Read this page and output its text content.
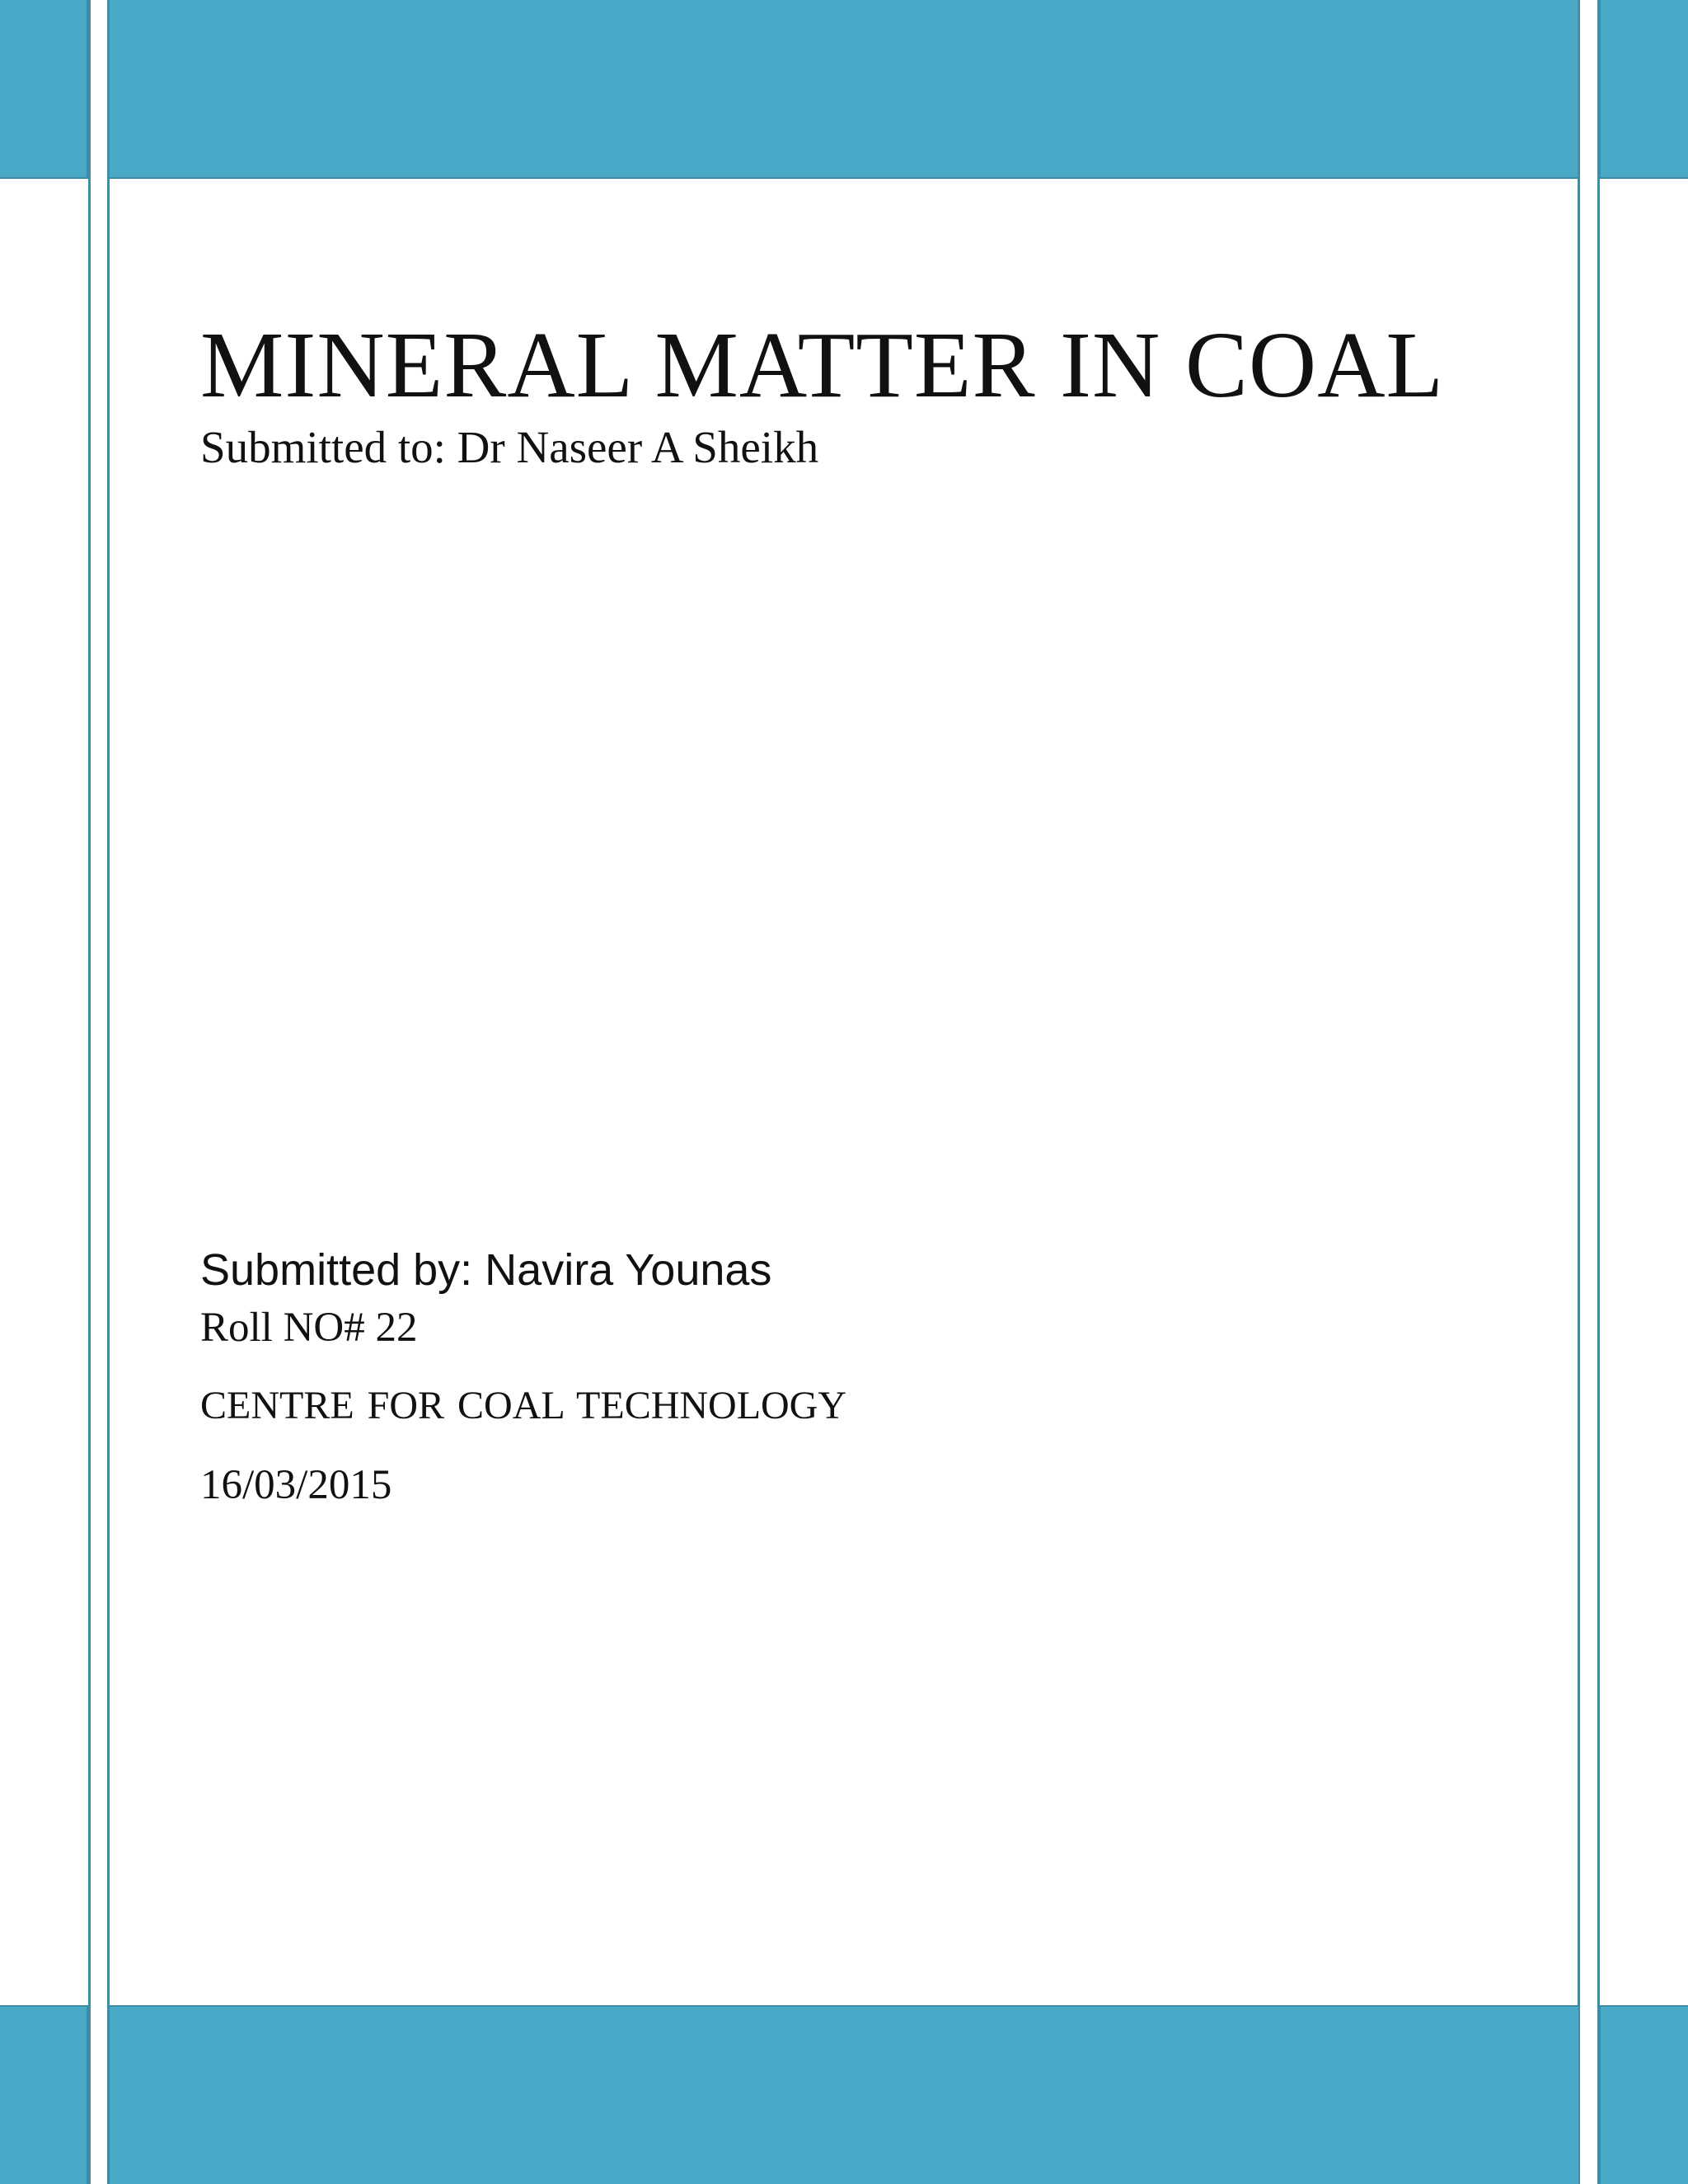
MINERAL MATTER IN COAL

Submitted to: Dr Naseer A Sheikh

Submitted by: Navira Younas

Roll NO# 22

CENTRE FOR COAL TECHNOLOGY

16/03/2015
